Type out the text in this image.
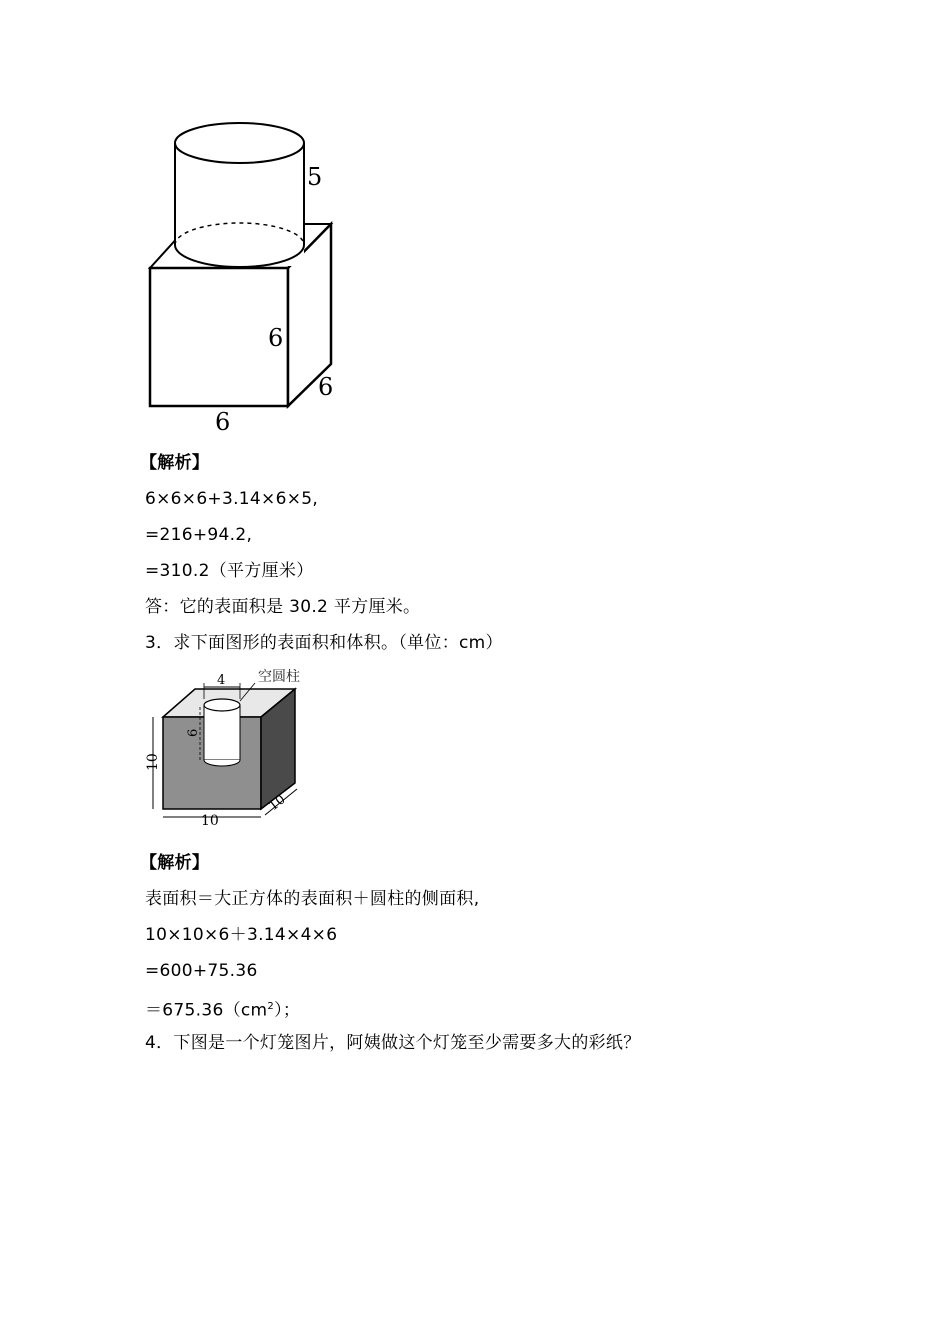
5
6
6
6
【解析】
6×6×6+3.14×6×5,
=216+94.2,
=310.2（平方厘米）
答：它的表面积是 30.2 平方厘米。
3．求下面图形的表面积和体积。（单位：cm）
4 空圆柱
6
10
10
10
【解析】
表面积＝大正方体的表面积＋圆柱的侧面积,
10×10×6＋3.14×4×6
=600+75.36
$=675.36(cm^2)$；
4．下图是一个灯笼图片，阿姨做这个灯笼至少需要多大的彩纸？
